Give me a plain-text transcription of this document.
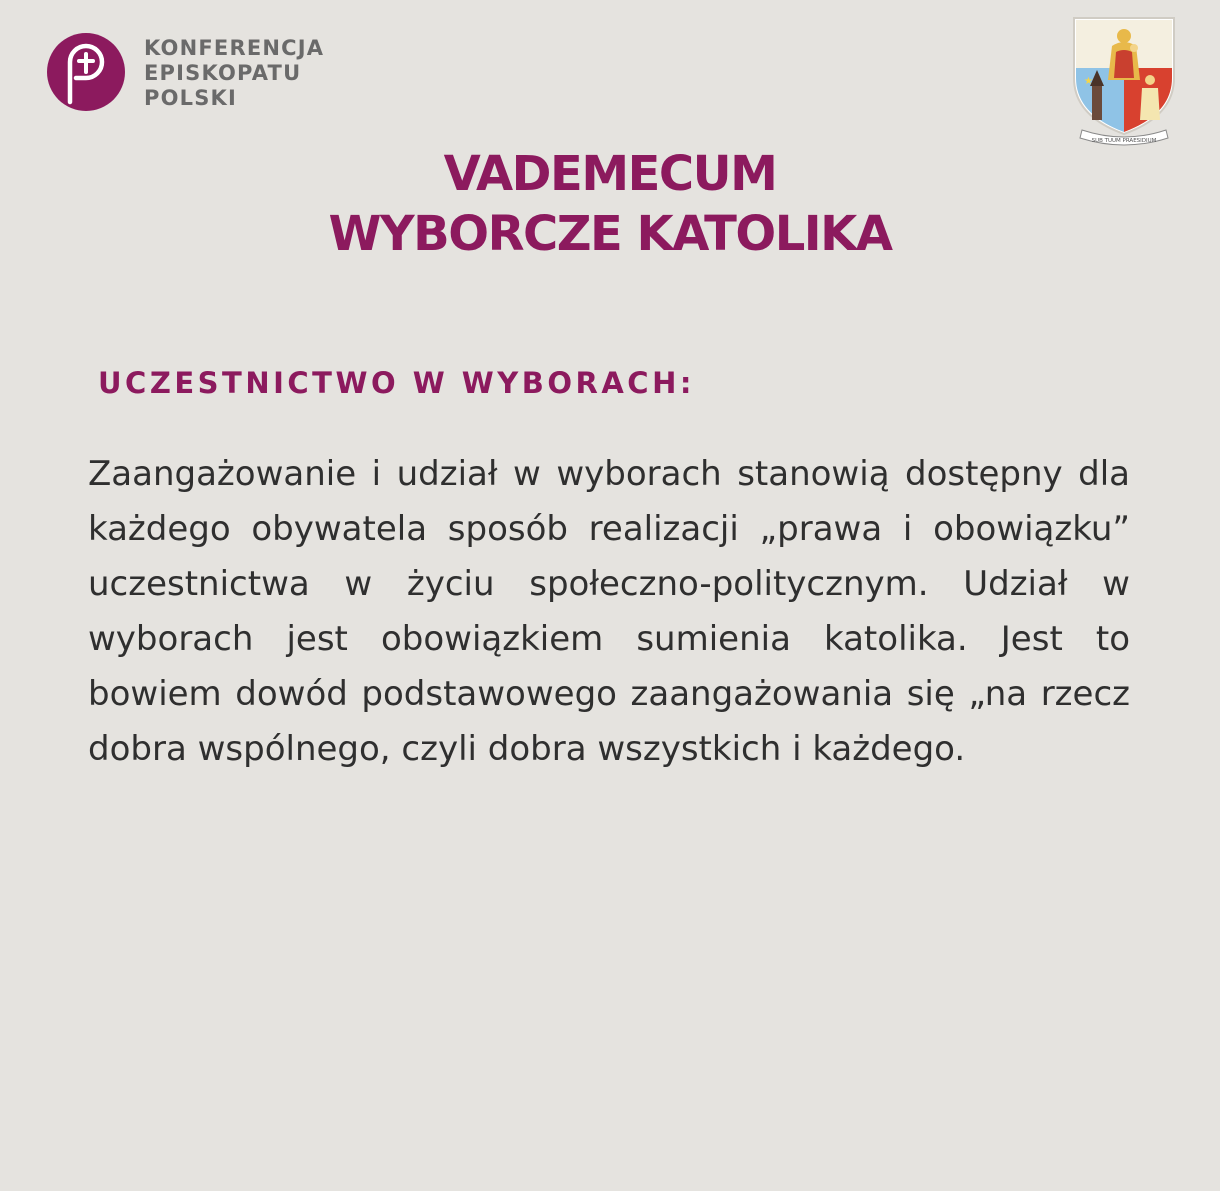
KONFERENCJA
EPISKOPATU
POLSKI
★
SUB TUUM PRAESIDIUM
VADEMECUM
WYBORCZE KATOLIKA
UCZESTNICTWO W WYBORACH:
Zaangażowanie i udział w wyborach stanowią dostępny dla każdego obywatela sposób realizacji „prawa i obowiązku” uczestnictwa w życiu społeczno-politycznym. Udział w wyborach jest obowiązkiem sumienia katolika. Jest to bowiem dowód podstawowego zaangażowania się „na rzecz dobra wspólnego, czyli dobra wszystkich i każdego.
